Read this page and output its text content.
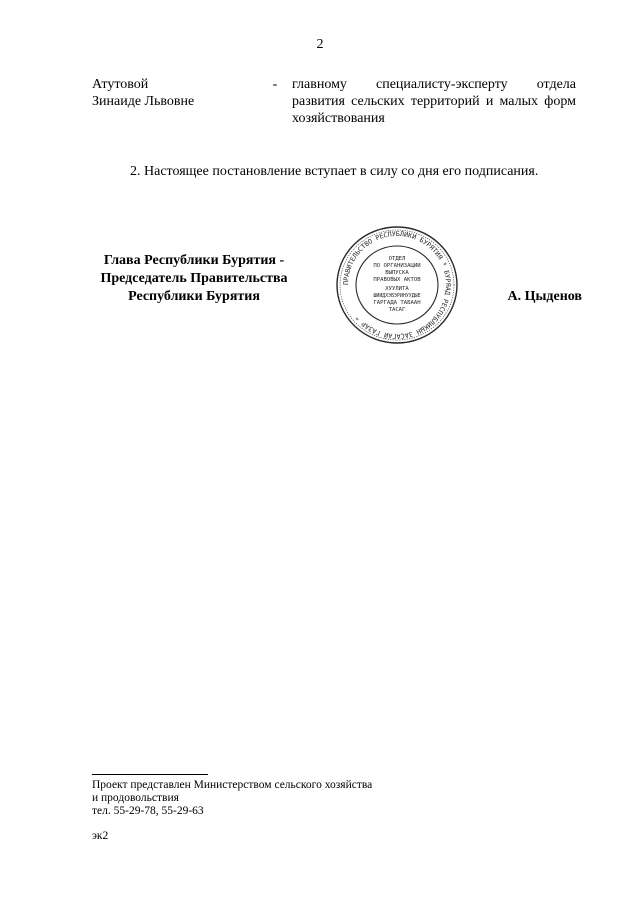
2
Атутовой
Зинаиде Львовне
- главному специалисту-эксперту отдела развития сельских территорий и малых форм хозяйствования
2. Настоящее постановление вступает в силу со дня его подписания.
Глава Республики Бурятия -
Председатель Правительства
Республики Бурятия
ПРАВИТЕЛЬСТВО РЕСПУБЛИКИ БУРЯТИЯ * БУРЯАД РЕСПУБЛИКЫН ЗАСАГАЙ ГАЗАР *
ОТДЕЛ
ПО ОРГАНИЗАЦИИ
ВЫПУСКА
ПРАВОВЫХ АКТОВ
ХУУЛИТА
ШИИДХЭБЭРИНУУДЫЕ
ГАРГАДА ТАБААН
ТАСАГ
А. Цыденов
Проект представлен Министерством сельского хозяйства
и продовольствия
тел. 55-29-78, 55-29-63
эк2
